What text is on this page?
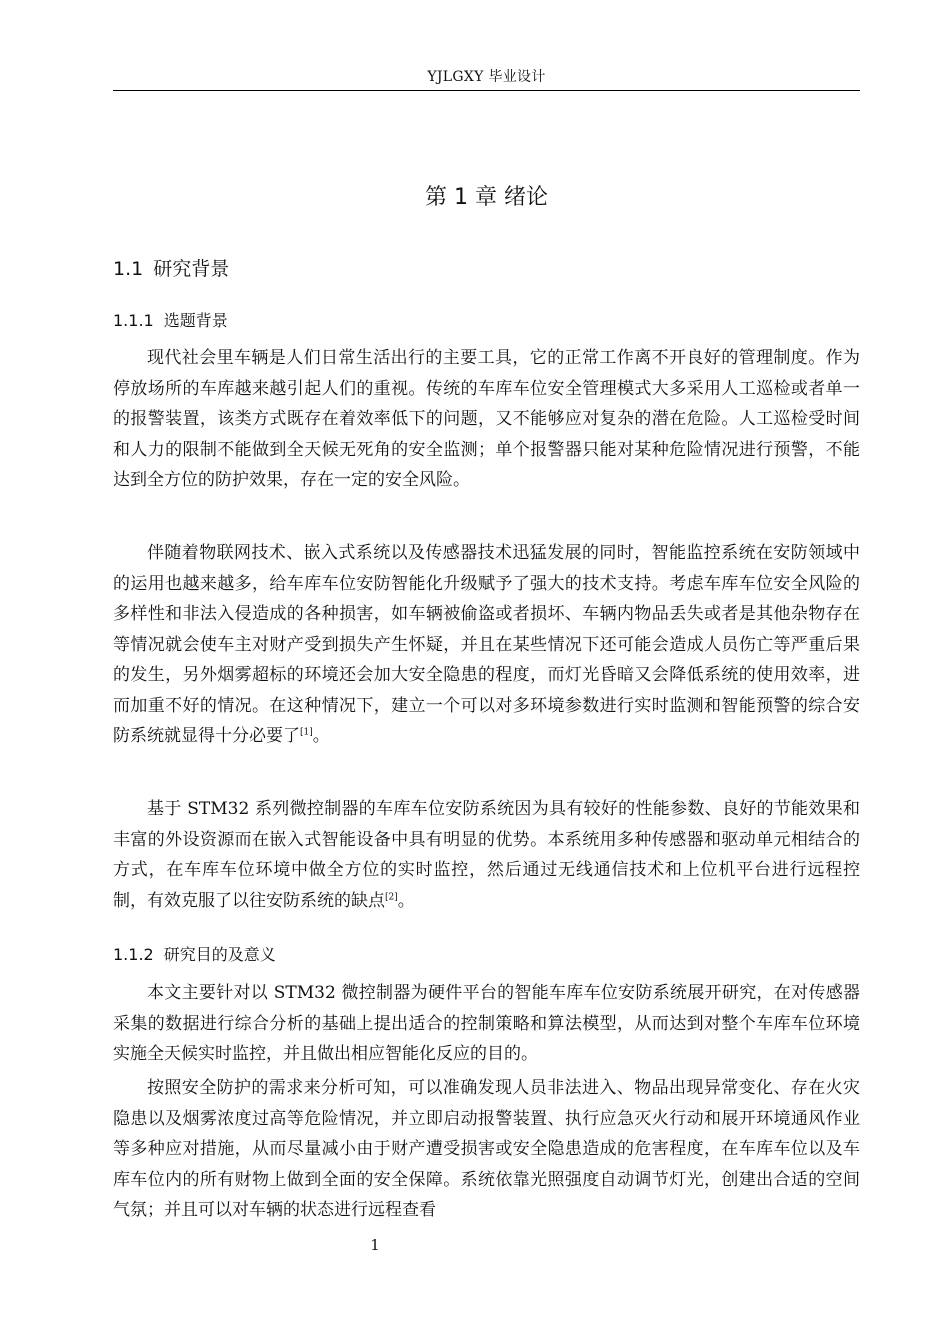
YJLGXY 毕业设计
第 1 章 绪论
1.1 研究背景
1.1.1 选题背景

现代社会里车辆是人们日常生活出行的主要工具，它的正常工作离不开良好的管理制度。作为停放场所的车库越来越引起人们的重视。传统的车库车位安全管理模式大多采用人工巡检或者单一的报警装置，该类方式既存在着效率低下的问题，又不能够应对复杂的潜在危险。人工巡检受时间和人力的限制不能做到全天候无死角的安全监测；单个报警器只能对某种危险情况进行预警，不能达到全方位的防护效果，存在一定的安全风险。

伴随着物联网技术、嵌入式系统以及传感器技术迅猛发展的同时，智能监控系统在安防领域中的运用也越来越多，给车库车位安防智能化升级赋予了强大的技术支持。考虑车库车位安全风险的多样性和非法入侵造成的各种损害，如车辆被偷盗或者损坏、车辆内物品丢失或者是其他杂物存在等情况就会使车主对财产受到损失产生怀疑，并且在某些情况下还可能会造成人员伤亡等严重后果的发生，另外烟雾超标的环境还会加大安全隐患的程度，而灯光昏暗又会降低系统的使用效率，进而加重不好的情况。在这种情况下，建立一个可以对多环境参数进行实时监测和智能预警的综合安防系统就显得十分必要了[1]。

基于 STM32 系列微控制器的车库车位安防系统因为具有较好的性能参数、良好的节能效果和丰富的外设资源而在嵌入式智能设备中具有明显的优势。本系统用多种传感器和驱动单元相结合的方式，在车库车位环境中做全方位的实时监控，然后通过无线通信技术和上位机平台进行远程控制，有效克服了以往安防系统的缺点[2]。

1.1.2 研究目的及意义

本文主要针对以 STM32 微控制器为硬件平台的智能车库车位安防系统展开研究，在对传感器采集的数据进行综合分析的基础上提出适合的控制策略和算法模型，从而达到对整个车库车位环境实施全天候实时监控，并且做出相应智能化反应的目的。

按照安全防护的需求来分析可知，可以准确发现人员非法进入、物品出现异常变化、存在火灾隐患以及烟雾浓度过高等危险情况，并立即启动报警装置、执行应急灭火行动和展开环境通风作业等多种应对措施，从而尽量减小由于财产遭受损害或安全隐患造成的危害程度，在车库车位以及车库车位内的所有财物上做到全面的安全保障。系统依靠光照强度自动调节灯光，创建出合适的空间气氛；并且可以对车辆的状态进行远程查看

1
